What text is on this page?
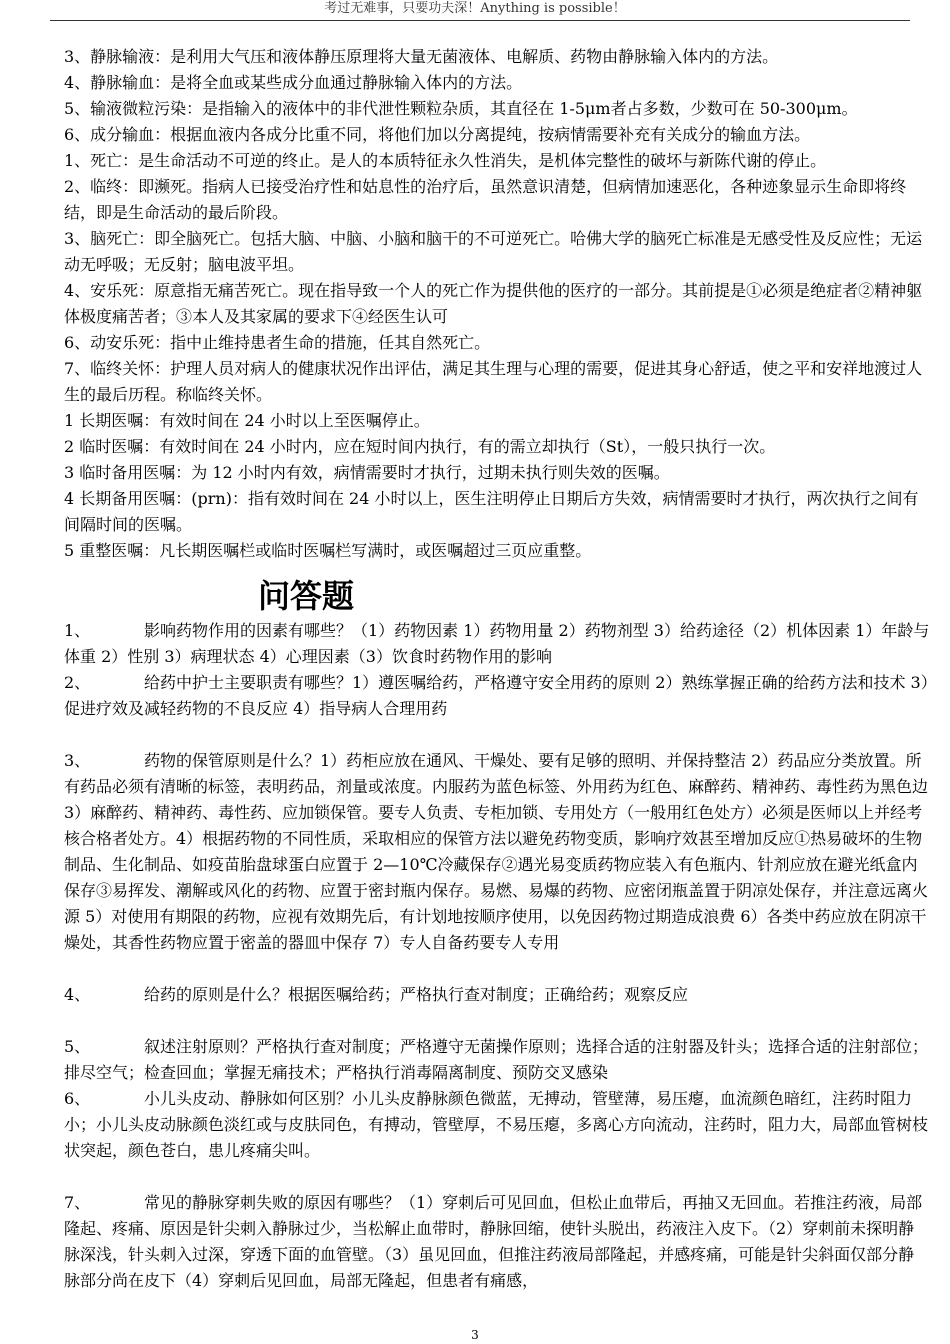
考过无难事，只要功夫深！Anything is possible！

3、静脉输液：是利用大气压和液体静压原理将大量无菌液体、电解质、药物由静脉输入体内的方法。

4、静脉输血：是将全血或某些成分血通过静脉输入体内的方法。

5、输液微粒污染：是指输入的液体中的非代泄性颗粒杂质，其直径在 1-5μm者占多数，少数可在 50-300μm。

6、成分输血：根据血液内各成分比重不同，将他们加以分离提纯，按病情需要补充有关成分的输血方法。

1、死亡：是生命活动不可逆的终止。是人的本质特征永久性消失，是机体完整性的破坏与新陈代谢的停止。

2、临终：即濒死。指病人已接受治疗性和姑息性的治疗后，虽然意识清楚，但病情加速恶化，各种迹象显示生命即将终结，即是生命活动的最后阶段。

3、脑死亡：即全脑死亡。包括大脑、中脑、小脑和脑干的不可逆死亡。哈佛大学的脑死亡标准是无感受性及反应性；无运动无呼吸；无反射；脑电波平坦。

4、安乐死：原意指无痛苦死亡。现在指导致一个人的死亡作为提供他的医疗的一部分。其前提是①必须是绝症者②精神躯体极度痛苦者；③本人及其家属的要求下④经医生认可

6、动安乐死：指中止维持患者生命的措施，任其自然死亡。

7、临终关怀：护理人员对病人的健康状况作出评估，满足其生理与心理的需要，促进其身心舒适，使之平和安祥地渡过人生的最后历程。称临终关怀。

1 长期医嘱：有效时间在 24 小时以上至医嘱停止。

2 临时医嘱：有效时间在 24 小时内，应在短时间内执行，有的需立却执行（St），一般只执行一次。

3 临时备用医嘱：为 12 小时内有效，病情需要时才执行，过期未执行则失效的医嘱。

4 长期备用医嘱：(prn)：指有效时间在 24 小时以上，医生注明停止日期后方失效，病情需要时才执行，两次执行之间有间隔时间的医嘱。

5 重整医嘱：凡长期医嘱栏或临时医嘱栏写满时，或医嘱超过三页应重整。

问答题

1、	影响药物作用的因素有哪些？（1）药物因素 1）药物用量 2）药物剂型 3）给药途径（2）机体因素 1）年龄与体重 2）性别 3）病理状态 4）心理因素（3）饮食时药物作用的影响

2、	给药中护士主要职责有哪些？1）遵医嘱给药，严格遵守安全用药的原则 2）熟练掌握正确的给药方法和技术 3）促进疗效及减轻药物的不良反应 4）指导病人合理用药

3、	药物的保管原则是什么？1）药柜应放在通风、干燥处、要有足够的照明、并保持整洁 2）药品应分类放置。所有药品必须有清晰的标签，表明药品，剂量或浓度。内服药为蓝色标签、外用药为红色、麻醉药、精神药、毒性药为黑色边 3）麻醉药、精神药、毒性药、应加锁保管。要专人负责、专柜加锁、专用处方（一般用红色处方）必须是医师以上并经考核合格者处方。4）根据药物的不同性质，采取相应的保管方法以避免药物变质，影响疗效甚至增加反应①热易破坏的生物制品、生化制品、如疫苗胎盘球蛋白应置于 2—10℃冷藏保存②遇光易变质药物应装入有色瓶内、针剂应放在避光纸盒内保存③易挥发、潮解或风化的药物、应置于密封瓶内保存。易燃、易爆的药物、应密闭瓶盖置于阴凉处保存，并注意远离火源 5）对使用有期限的药物，应视有效期先后，有计划地按顺序使用，以免因药物过期造成浪费 6）各类中药应放在阴凉干燥处，其香性药物应置于密盖的器皿中保存 7）专人自备药要专人专用

4、	给药的原则是什么？根据医嘱给药；严格执行查对制度；正确给药；观察反应

5、	叙述注射原则？严格执行查对制度；严格遵守无菌操作原则；选择合适的注射器及针头；选择合适的注射部位；排尽空气；检查回血；掌握无痛技术；严格执行消毒隔离制度、预防交叉感染

6、	小儿头皮动、静脉如何区别？小儿头皮静脉颜色微蓝，无搏动，管壁薄，易压瘪，血流颜色暗红，注药时阻力小；小儿头皮动脉颜色淡红或与皮肤同色，有搏动，管壁厚，不易压瘪，多离心方向流动，注药时，阻力大，局部血管树枝状突起，颜色苍白，患儿疼痛尖叫。

7、	常见的静脉穿刺失败的原因有哪些？（1）穿刺后可见回血，但松止血带后，再抽又无回血。若推注药液，局部隆起、疼痛、原因是针尖刺入静脉过少，当松解止血带时，静脉回缩，使针头脱出，药液注入皮下。（2）穿刺前未探明静脉深浅，针头刺入过深，穿透下面的血管壁。（3）虽见回血，但推注药液局部隆起，并感疼痛，可能是针尖斜面仅部分静脉部分尚在皮下（4）穿刺后见回血，局部无隆起，但患者有痛感，

3
